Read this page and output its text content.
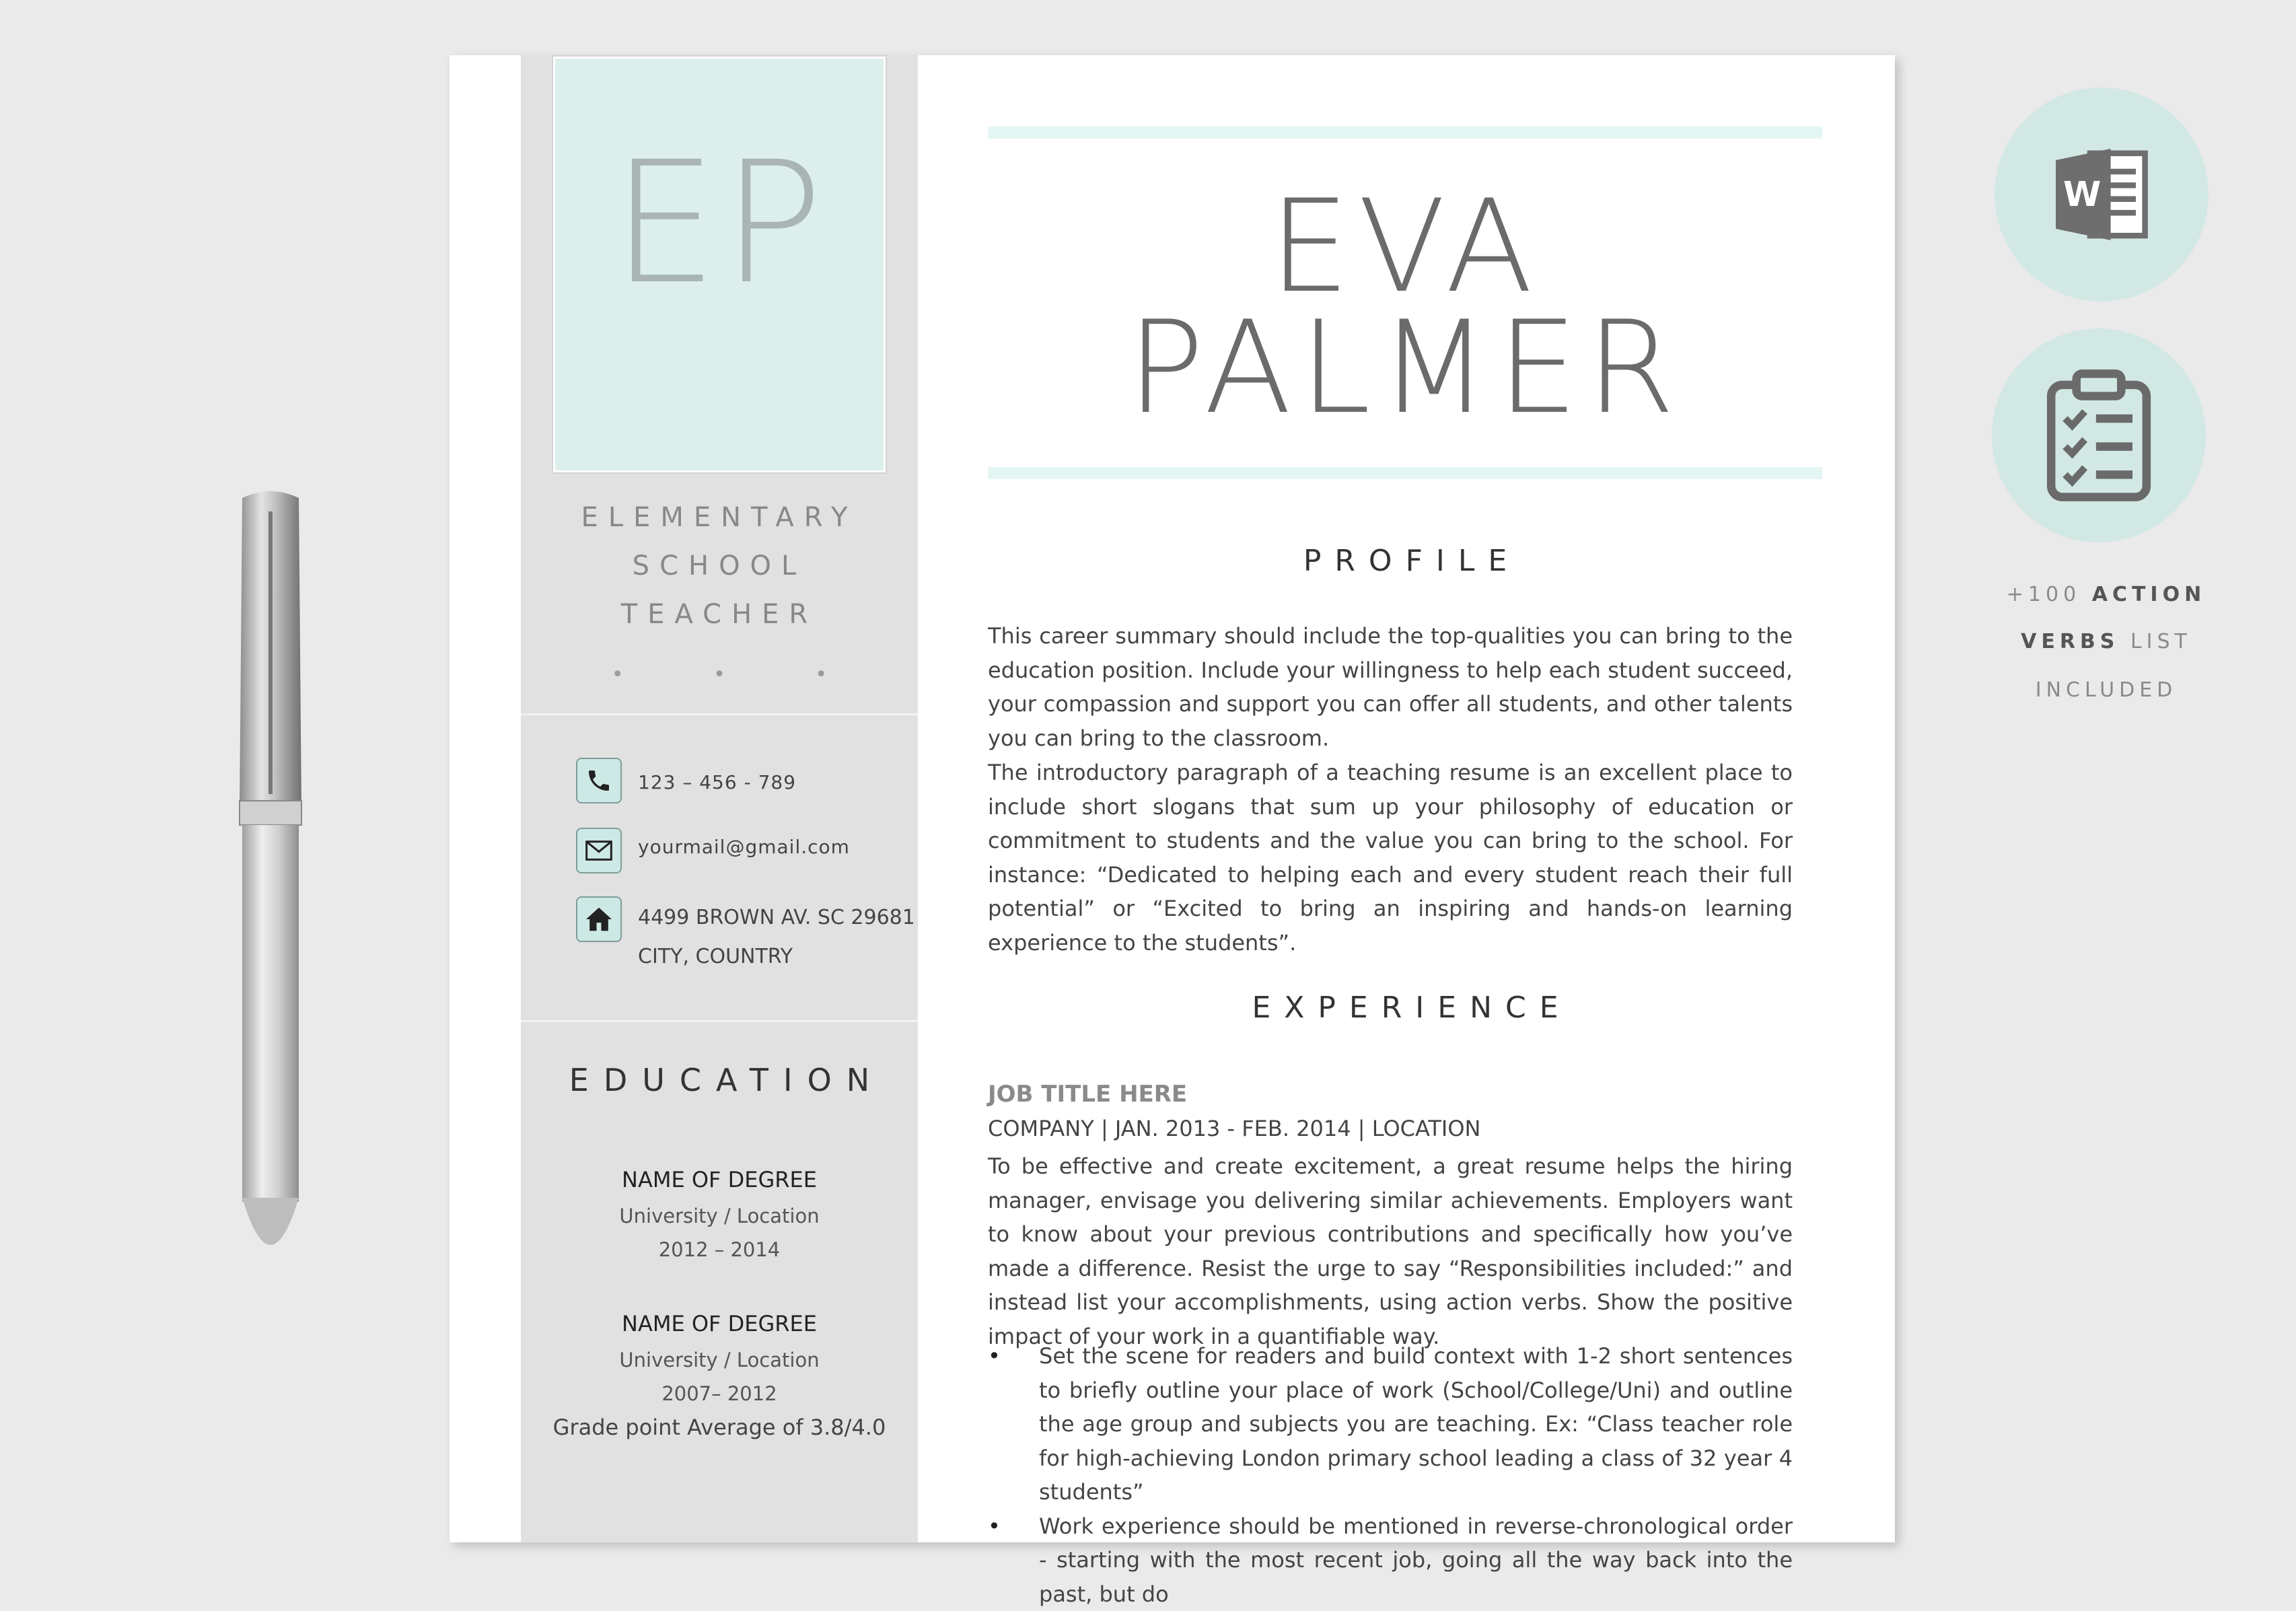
EP
ELEMENTARY
SCHOOL
TEACHER
• • •
123 – 456 - 789
yourmail@gmail.com
4499 BROWN AV. SC 29681
CITY, COUNTRY
EDUCATION
NAME OF DEGREE
University / Location
2012 – 2014
NAME OF DEGREE
University / Location
2007– 2012
Grade point Average of 3.8/4.0
EVA
PALMER
PROFILE

This career summary should include the top-qualities you can bring to the education position. Include your willingness to help each student succeed, your compassion and support you can offer all students, and other talents you can bring to the classroom.

The introductory paragraph of a teaching resume is an excellent place to include short slogans that sum up your philosophy of education or commitment to students and the value you can bring to the school. For instance: “Dedicated to helping each and every student reach their full potential” or “Excited to bring an inspiring and hands-on learning experience to the students”.

EXPERIENCE
JOB TITLE HERE
COMPANY | JAN. 2013 - FEB. 2014 | LOCATION

To be effective and create excitement, a great resume helps the hiring manager, envisage you delivering similar achievements. Employers want to know about your previous contributions and specifically how you’ve made a difference. Resist the urge to say “Responsibilities included:” and instead list your accomplishments, using action verbs. Show the positive impact of your work in a quantifiable way.

• Set the scene for readers and build context with 1-2 short sentences to briefly outline your place of work (School/College/Uni) and outline the age group and subjects you are teaching. Ex: “Class teacher role for high-achieving London primary school leading a class of 32 year 4 students”
• Work experience should be mentioned in reverse-chronological order - starting with the most recent job, going all the way back into the past, but do
W
+100 ACTION
VERBS LIST
INCLUDED
